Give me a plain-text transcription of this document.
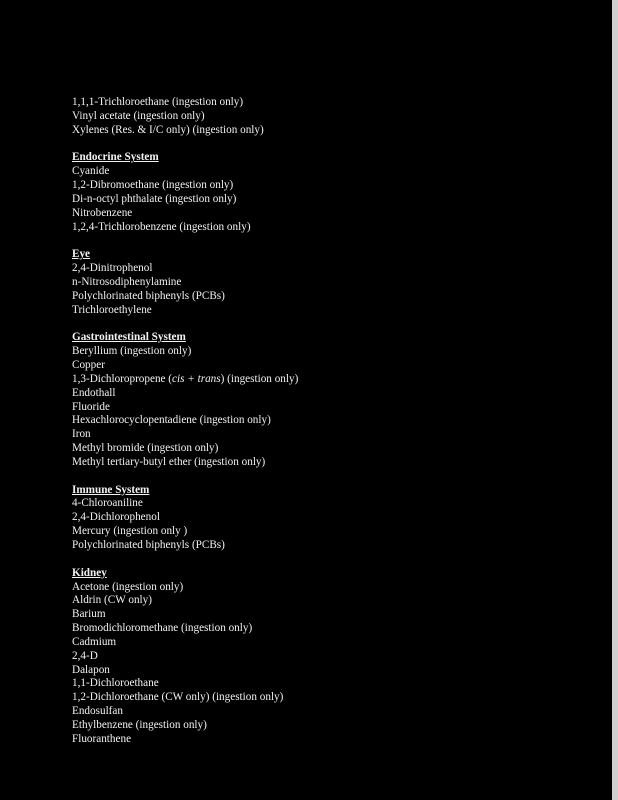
1,1,1-Trichloroethane (ingestion only)
Vinyl acetate (ingestion only)
Xylenes (Res. & I/C only) (ingestion only)
Endocrine System
Cyanide
1,2-Dibromoethane (ingestion only)
Di-n-octyl phthalate (ingestion only)
Nitrobenzene
1,2,4-Trichlorobenzene (ingestion only)
Eye
2,4-Dinitrophenol
n-Nitrosodiphenylamine
Polychlorinated biphenyls (PCBs)
Trichloroethylene
Gastrointestinal System
Beryllium (ingestion only)
Copper
1,3-Dichloropropene (cis + trans) (ingestion only)
Endothall
Fluoride
Hexachlorocyclopentadiene (ingestion only)
Iron
Methyl bromide (ingestion only)
Methyl tertiary-butyl ether (ingestion only)
Immune System
4-Chloroaniline
2,4-Dichlorophenol
Mercury (ingestion only )
Polychlorinated biphenyls (PCBs)
Kidney
Acetone (ingestion only)
Aldrin (CW only)
Barium
Bromodichloromethane (ingestion only)
Cadmium
2,4-D
Dalapon
1,1-Dichloroethane
1,2-Dichloroethane (CW only) (ingestion only)
Endosulfan
Ethylbenzene (ingestion only)
Fluoranthene
